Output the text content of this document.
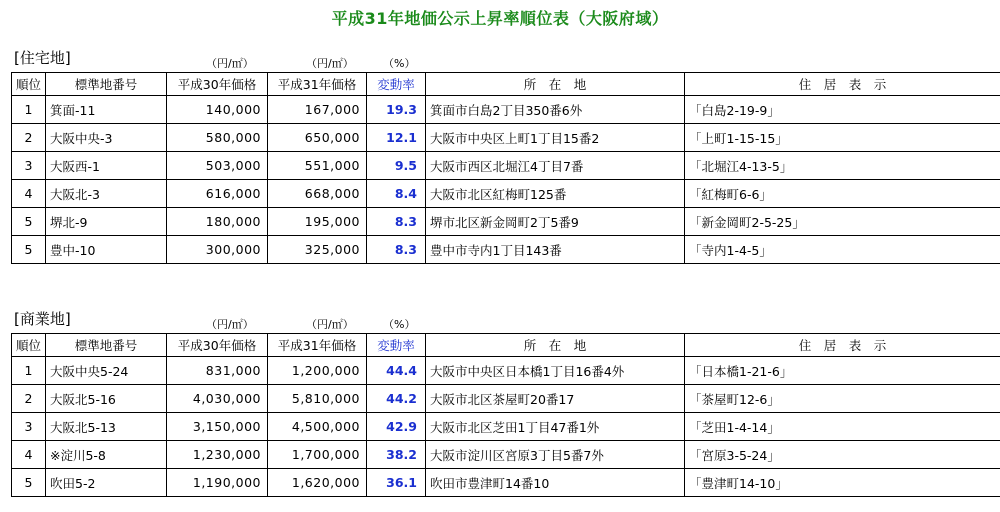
平成31年地価公示上昇率順位表（大阪府域）
[住宅地]	（円/㎡）	（円/㎡）	（%）
順位	標準地番号	平成30年価格	平成31年価格	変動率	所　在　地	住　居　表　示
1	箕面-11	140,000	167,000	19.3	箕面市白島2丁目350番6外	「白島2-19-9」
2	大阪中央-3	580,000	650,000	12.1	大阪市中央区上町1丁目15番2	「上町1-15-15」
3	大阪西-1	503,000	551,000	9.5	大阪市西区北堀江4丁目7番	「北堀江4-13-5」
4	大阪北-3	616,000	668,000	8.4	大阪市北区紅梅町125番	「紅梅町6-6」
5	堺北-9	180,000	195,000	8.3	堺市北区新金岡町2丁5番9	「新金岡町2-5-25」
5	豊中-10	300,000	325,000	8.3	豊中市寺内1丁目143番	「寺内1-4-5」
[商業地]	（円/㎡）	（円/㎡）	（%）
順位	標準地番号	平成30年価格	平成31年価格	変動率	所　在　地	住　居　表　示
1	大阪中央5-24	831,000	1,200,000	44.4	大阪市中央区日本橋1丁目16番4外	「日本橋1-21-6」
2	大阪北5-16	4,030,000	5,810,000	44.2	大阪市北区茶屋町20番17	「茶屋町12-6」
3	大阪北5-13	3,150,000	4,500,000	42.9	大阪市北区芝田1丁目47番1外	「芝田1-4-14」
4	※淀川5-8	1,230,000	1,700,000	38.2	大阪市淀川区宮原3丁目5番7外	「宮原3-5-24」
5	吹田5-2	1,190,000	1,620,000	36.1	吹田市豊津町14番10	「豊津町14-10」
